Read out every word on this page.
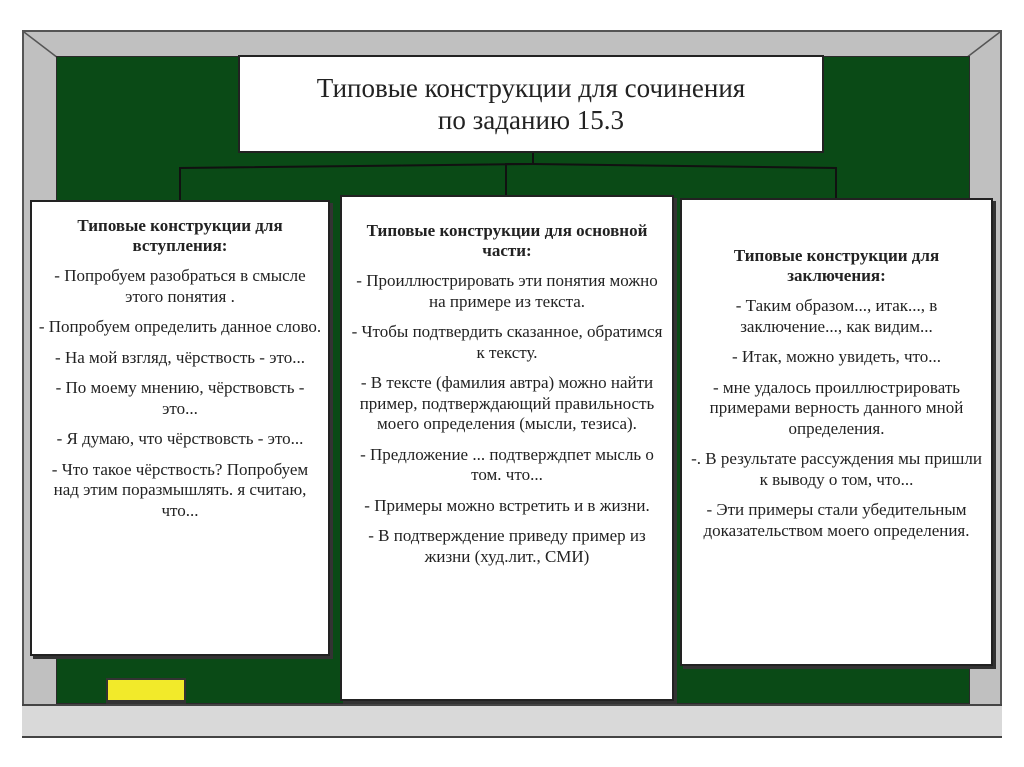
Типовые конструкции для сочинения
по заданию 15.3
Типовые конструкции для вступления:

- Попробуем разобраться в смысле этого понятия .

- Попробуем определить данное слово.

- На мой взгляд, чёрствость - это...

- По моему мнению, чёрствовсть - это...

- Я думаю, что чёрствовсть - это...

- Что такое чёрствость? Попробуем над этим поразмышлять. я считаю, что...

Типовые конструкции для основной части:

- Проиллюстрировать эти понятия можно на примере из текста.

- Чтобы подтвердить сказанное, обратимся к тексту.

- В тексте (фамилия автра) можно найти пример, подтверждающий правильность моего определения (мысли, тезиса).

- Предложение ... подтверждпет мысль о том. что...

- Примеры можно встретить и в жизни.

- В подтверждение приведу пример из жизни (худ.лит., СМИ)

Типовые конструкции для заключения:

- Таким образом..., итак..., в заключение..., как видим...

- Итак, можно увидеть, что...

- мне удалось проиллюстрировать примерами верность данного мной определения.

-. В результате рассуждения мы пришли к выводу о том, что...

- Эти примеры стали убедительным доказательством моего определения.
